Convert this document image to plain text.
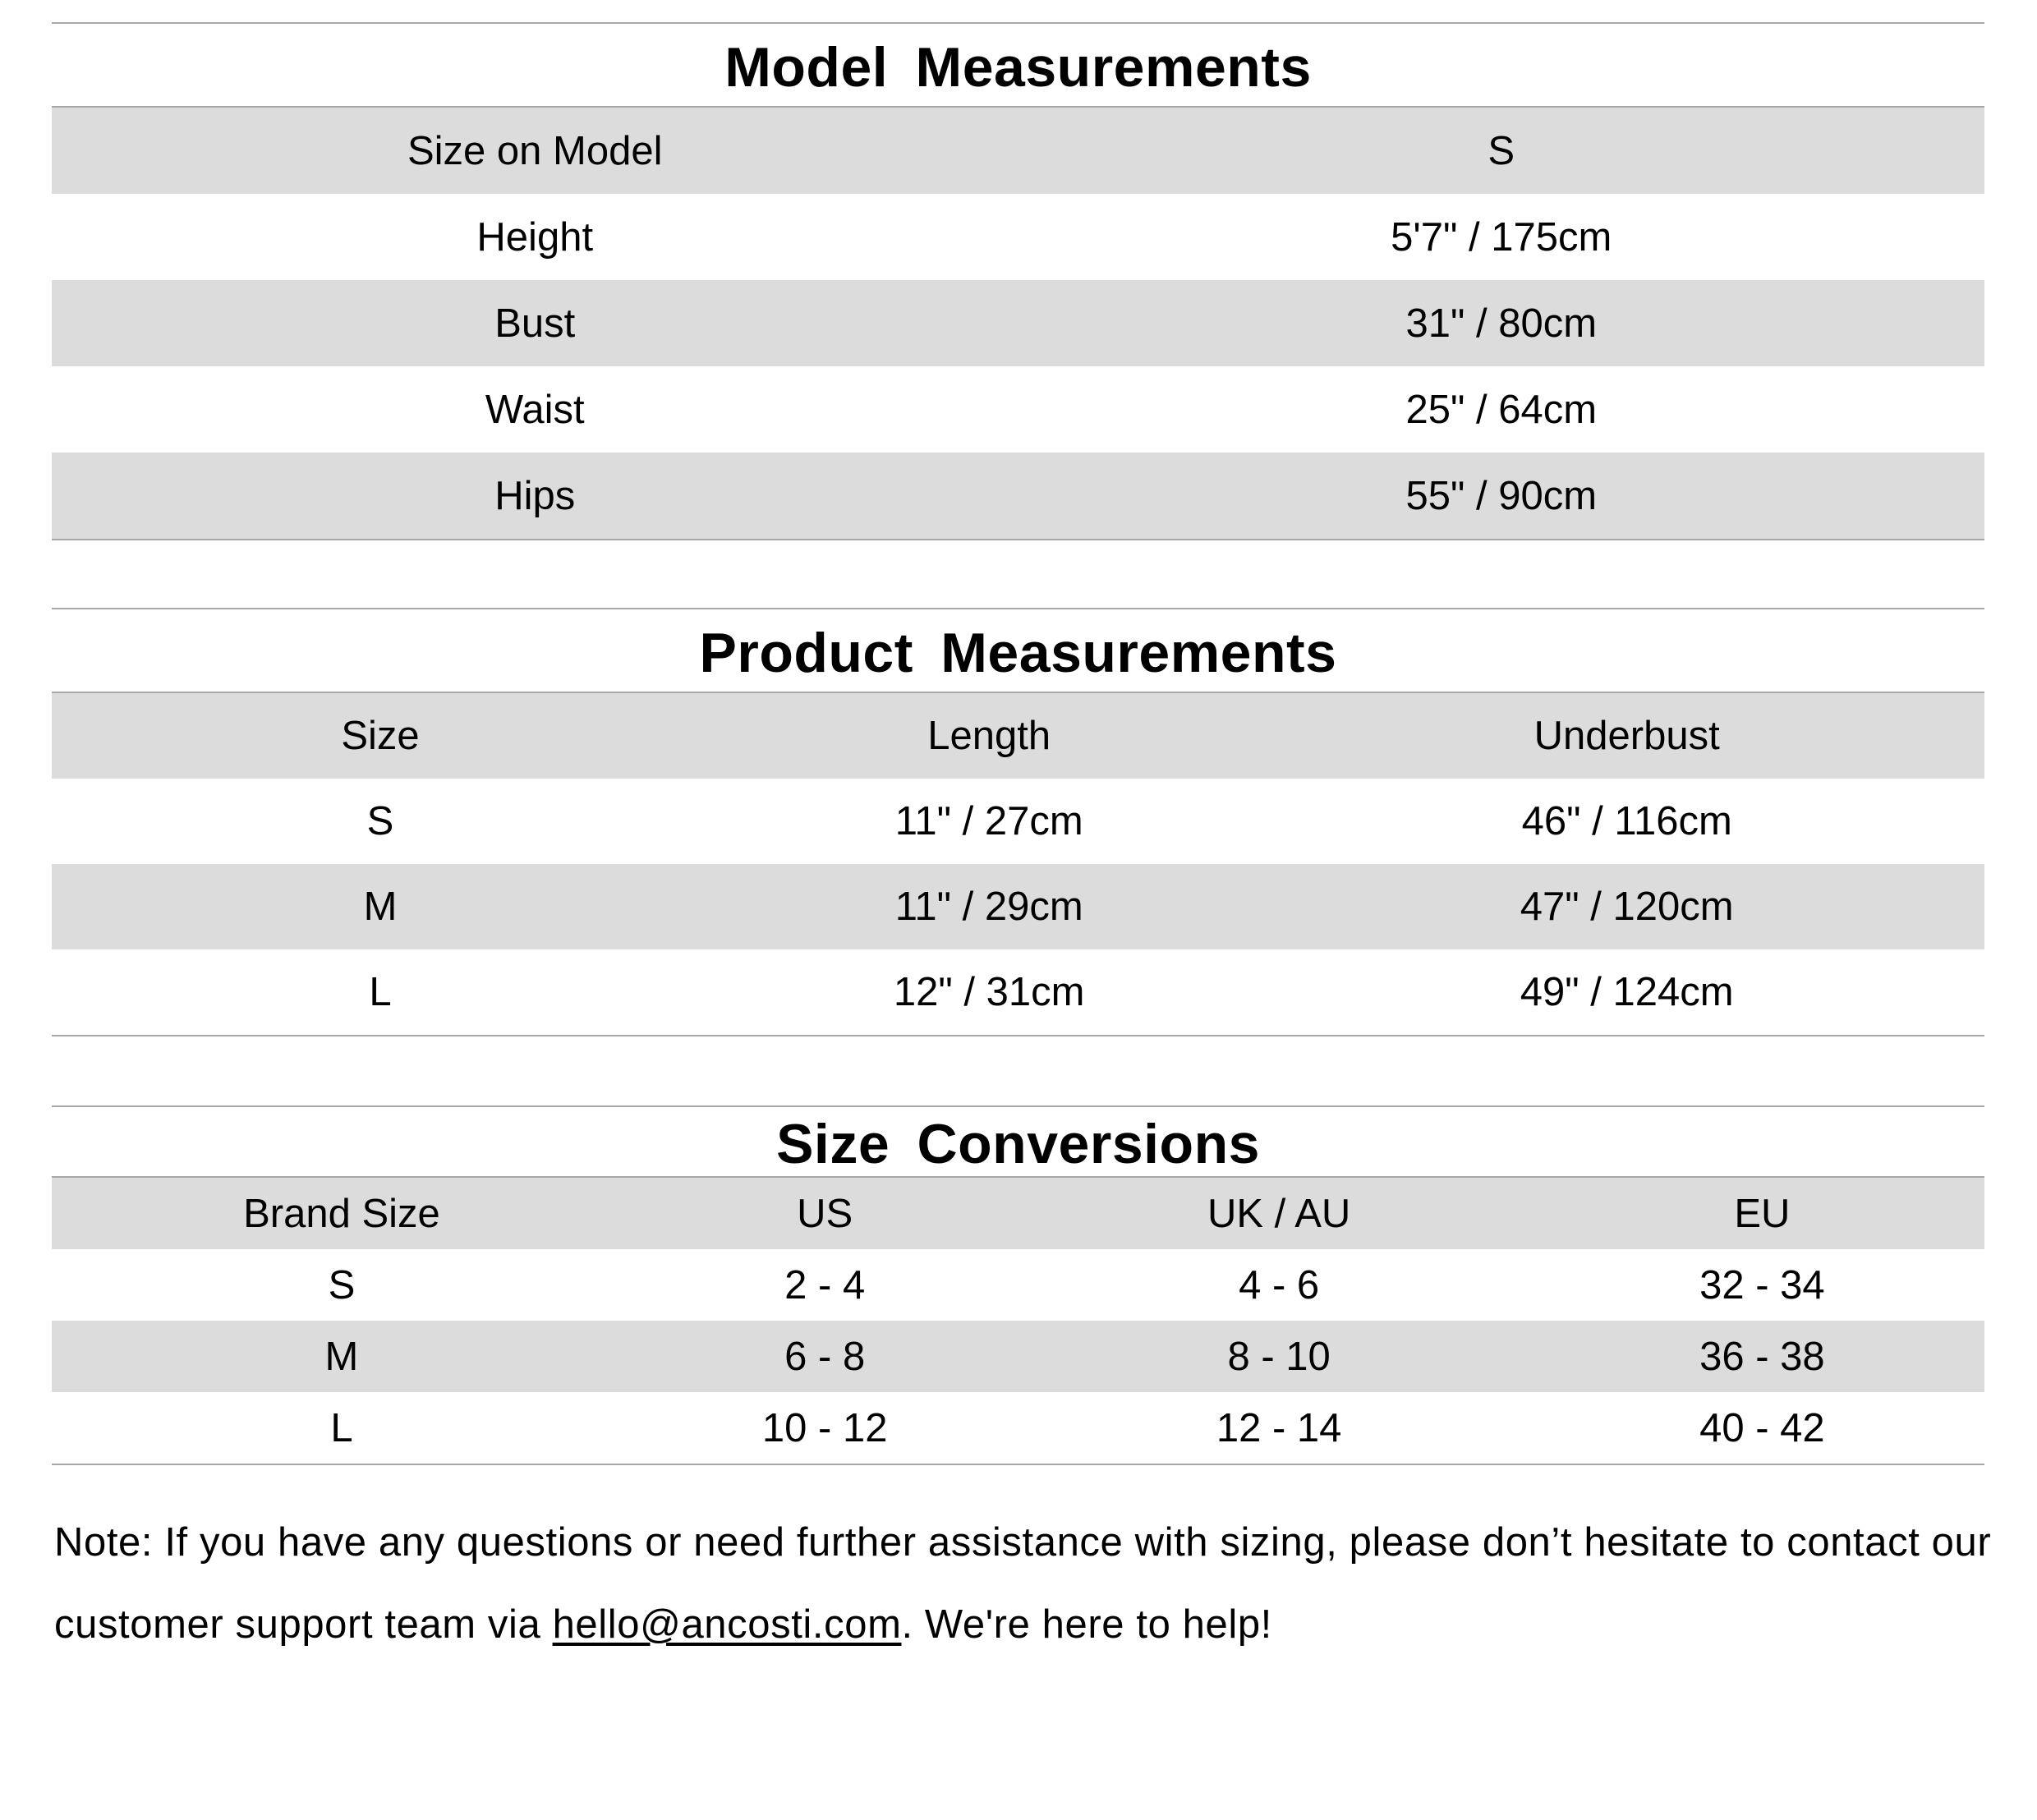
Model Measurements
Size on Model	S
Height	5'7" / 175cm
Bust	31" / 80cm
Waist	25" / 64cm
Hips	55" / 90cm
Product Measurements
Size	Length	Underbust
S	11" / 27cm	46" / 116cm
M	11" / 29cm	47" / 120cm
L	12" / 31cm	49" / 124cm
Size Conversions
Brand Size	US	UK / AU	EU
S	2 - 4	4 - 6	32 - 34
M	6 - 8	8 - 10	36 - 38
L	10 - 12	12 - 14	40 - 42
Note: If you have any questions or need further assistance with sizing, please don’t hesitate to contact our customer support team via hello@ancosti.com. We're here to help!
